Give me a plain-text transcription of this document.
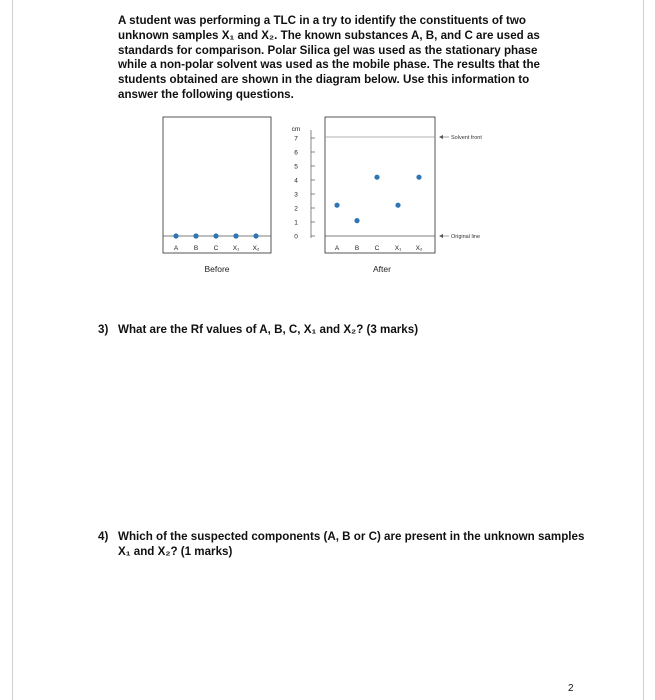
A student was performing a TLC in a try to identify the constituents of two
unknown samples X₁ and X₂. The known substances A, B, and C are used as
standards for comparison. Polar Silica gel was used as the stationary phase
while a non-polar solvent was used as the mobile phase. The results that the
students obtained are shown in the diagram below. Use this information to
answer the following questions.
A B C X₁ X₂
Before
cm
7
6
5
4
3
2
1
0
A B C X₁ X₂
After
Solvent front
Original line
3) What are the Rf values of A, B, C, X₁ and X₂? (3 marks)
4) Which of the suspected components (A, B or C) are present in the unknown samples X₁ and X₂? (1 marks)
2
